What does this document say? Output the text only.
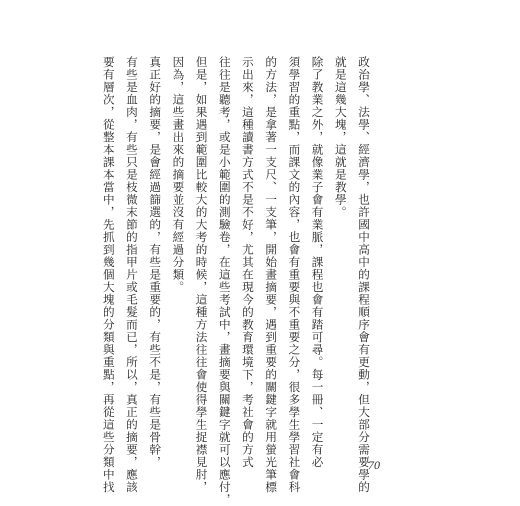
政治學、法學、經濟學，也許國中高中的課程順序會有更動，但大部分需要學的

就是這幾大塊，這就是教學。

除了教業之外，就像業子會有業脈，課程也會有踏可尋。每一冊、一定有必

須學習的重點，而課文的內容，也會有重要與不重要之分，很多學生學習社會科

的方法，是拿著一支尺、一支筆，開始畫摘要，遇到重要的關鍵字就用螢光筆標

示出來，這種讀書方式不是不好，尤其在現今的教育環境下，考社會的方式

往往是聽考，或是小範圍的測驗卷，在這些考試中，畫摘要與關鍵字就可以應付，

但是，如果遇到範圍比較大的大考的時候，這種方法往往會使得學生捉襟見肘，

因為，這些畫出來的摘要並沒有經過分類。

真正好的摘要，是會經過篩選的，有些是重要的，有些不是，有些是骨幹，

有些是血肉，有些只是枝微末節的指甲片或毛髮而已，所以，真正的摘要，應該

要有層次，從整本課本當中，先抓到幾個大塊的分類與重點，再從這些分類中找	70
